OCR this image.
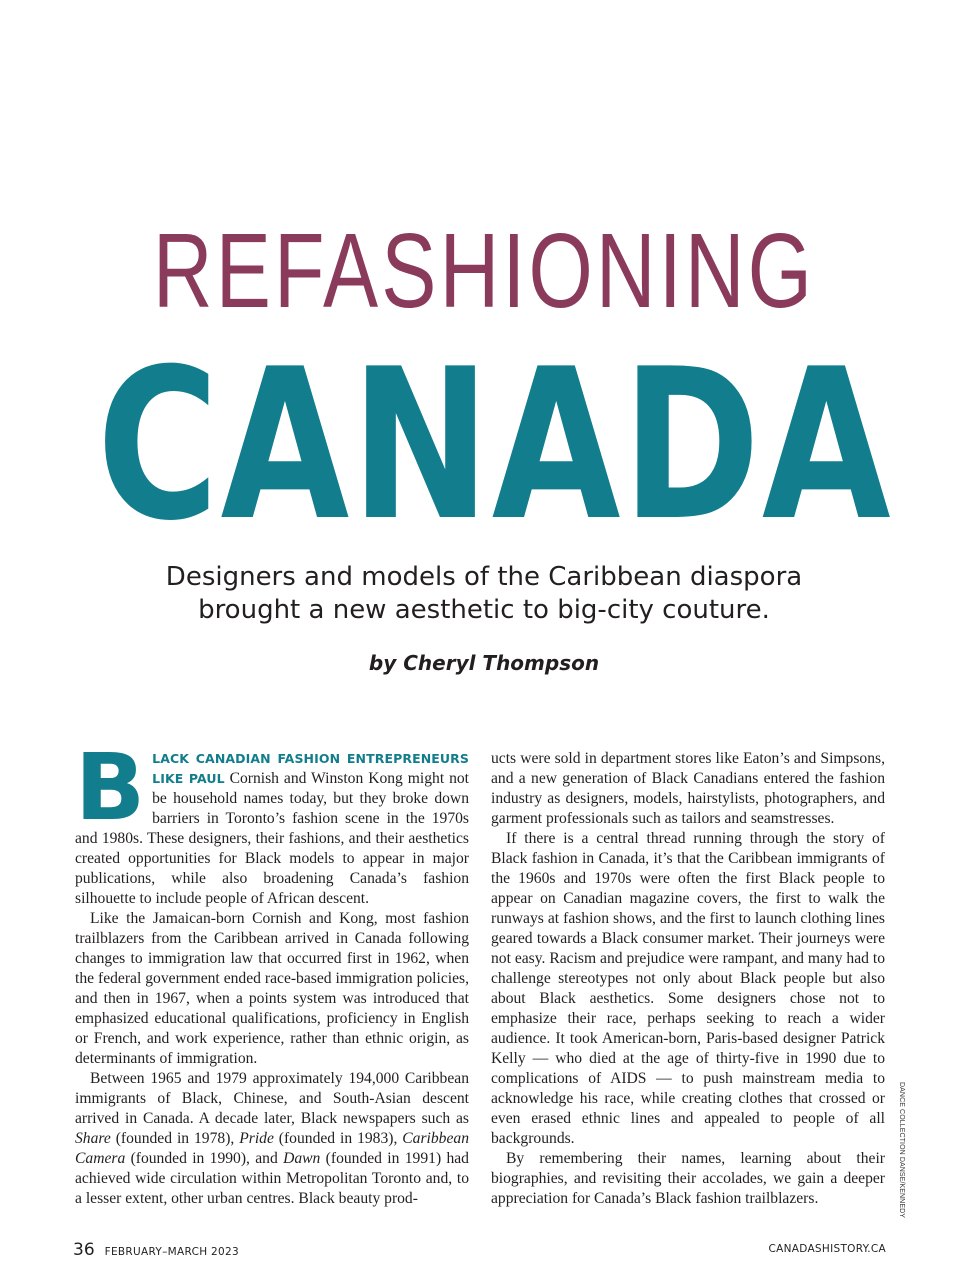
REFASHIONING
CANADA
Designers and models of the Caribbean diaspora
brought a new aesthetic to big-city couture.
by Cheryl Thompson

BLACK CANADIAN FASHION ENTREPRENEURS LIKE PAUL Cornish and Winston Kong might not be household names today, but they broke down barriers in Toronto’s fashion scene in the 1970s and 1980s. These designers, their fashions, and their aesthetics created opportunities for Black models to appear in major publications, while also broadening Canada’s fashion silhouette to include people of African descent.

Like the Jamaican-born Cornish and Kong, most fashion trailblazers from the Caribbean arrived in Canada following changes to immigration law that occurred first in 1962, when the federal government ended race-based immigration policies, and then in 1967, when a points system was introduced that emphasized educational qualifications, proficiency in English or French, and work experience, rather than ethnic origin, as determinants of immigration.

Between 1965 and 1979 approximately 194,000 Caribbean immigrants of Black, Chinese, and South-Asian descent arrived in Canada. A decade later, Black newspapers such as Share (founded in 1978), Pride (founded in 1983), Caribbean Camera (founded in 1990), and Dawn (founded in 1991) had achieved wide circulation within Metropolitan Toronto and, to a lesser extent, other urban centres. Black beauty prod-

ucts were sold in department stores like Eaton’s and Simpsons, and a new generation of Black Canadians entered the fashion industry as designers, models, hairstylists, photographers, and garment professionals such as tailors and seamstresses.

If there is a central thread running through the story of Black fashion in Canada, it’s that the Caribbean immigrants of the 1960s and 1970s were often the first Black people to appear on Canadian magazine covers, the first to walk the runways at fashion shows, and the first to launch clothing lines geared towards a Black consumer market. Their journeys were not easy. Racism and prejudice were rampant, and many had to challenge stereotypes not only about Black people but also about Black aesthetics. Some designers chose not to emphasize their race, perhaps seeking to reach a wider audience. It took American-born, Paris-based designer Patrick Kelly — who died at the age of thirty-five in 1990 due to complications of AIDS — to push mainstream media to acknowledge his race, while creating clothes that crossed or even erased ethnic lines and appealed to people of all backgrounds.

By remembering their names, learning about their biographies, and revisiting their accolades, we gain a deeper appreciation for Canada’s Black fashion trailblazers.	DANCE COLLECTION DANSE/KENNEDY
36 FEBRUARY–MARCH 2023	CANADASHISTORY.CA
